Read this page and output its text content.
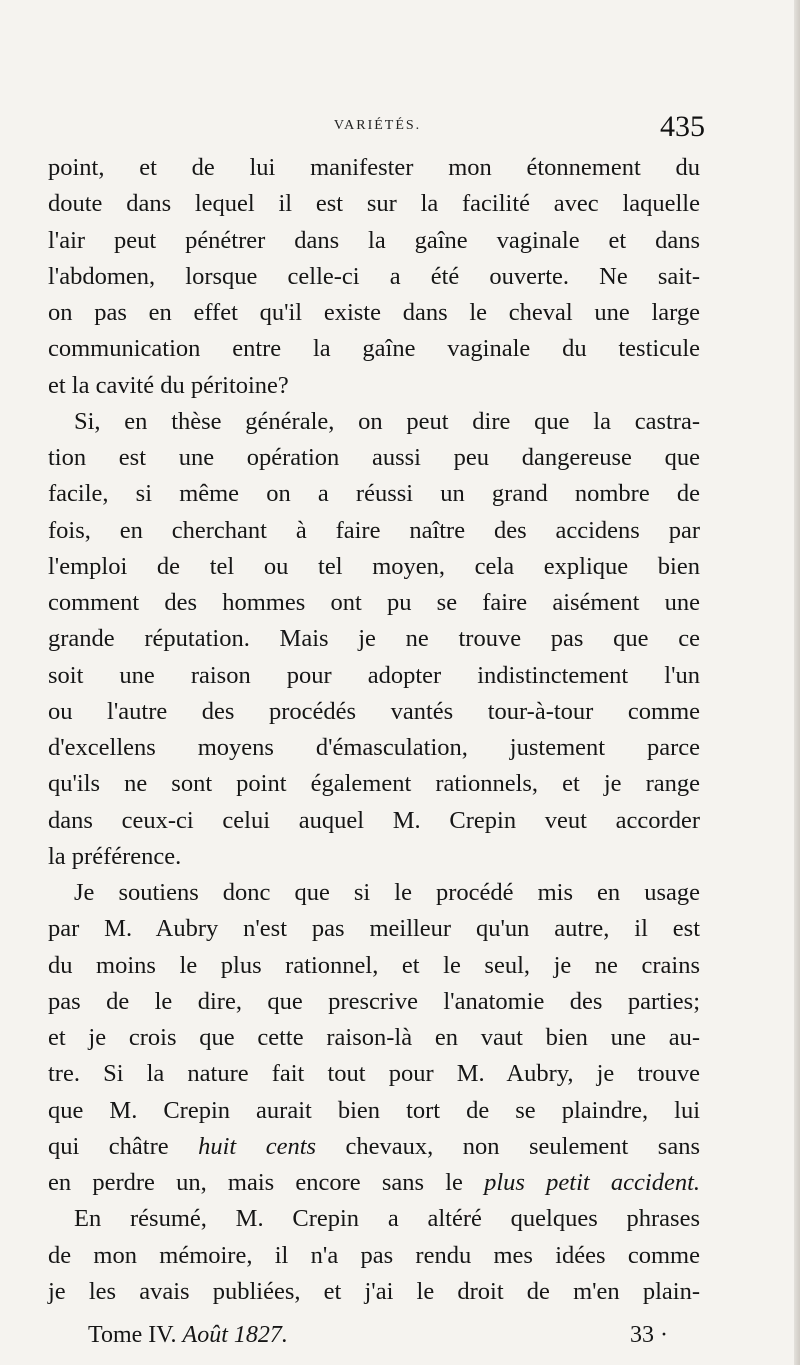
VARIÉTÉS.	435
point, et de lui manifester mon étonnement du
doute dans lequel il est sur la facilité avec laquelle
l'air peut pénétrer dans la gaîne vaginale et dans
l'abdomen, lorsque celle-ci a été ouverte. Ne sait-
on pas en effet qu'il existe dans le cheval une large
communication entre la gaîne vaginale du testicule
et la cavité du péritoine?
Si, en thèse générale, on peut dire que la castra-
tion est une opération aussi peu dangereuse que
facile, si même on a réussi un grand nombre de
fois, en cherchant à faire naître des accidens par
l'emploi de tel ou tel moyen, cela explique bien
comment des hommes ont pu se faire aisément une
grande réputation. Mais je ne trouve pas que ce
soit une raison pour adopter indistinctement l'un
ou l'autre des procédés vantés tour-à-tour comme
d'excellens moyens d'émasculation, justement parce
qu'ils ne sont point également rationnels, et je range
dans ceux-ci celui auquel M. Crepin veut accorder
la préférence.
Je soutiens donc que si le procédé mis en usage
par M. Aubry n'est pas meilleur qu'un autre, il est
du moins le plus rationnel, et le seul, je ne crains
pas de le dire, que prescrive l'anatomie des parties;
et je crois que cette raison-là en vaut bien une au-
tre. Si la nature fait tout pour M. Aubry, je trouve
que M. Crepin aurait bien tort de se plaindre, lui
qui châtre huit cents chevaux, non seulement sans
en perdre un, mais encore sans le plus petit accident.
En résumé, M. Crepin a altéré quelques phrases
de mon mémoire, il n'a pas rendu mes idées comme
je les avais publiées, et j'ai le droit de m'en plain-
Tome IV. Août 1827.	33 ·
